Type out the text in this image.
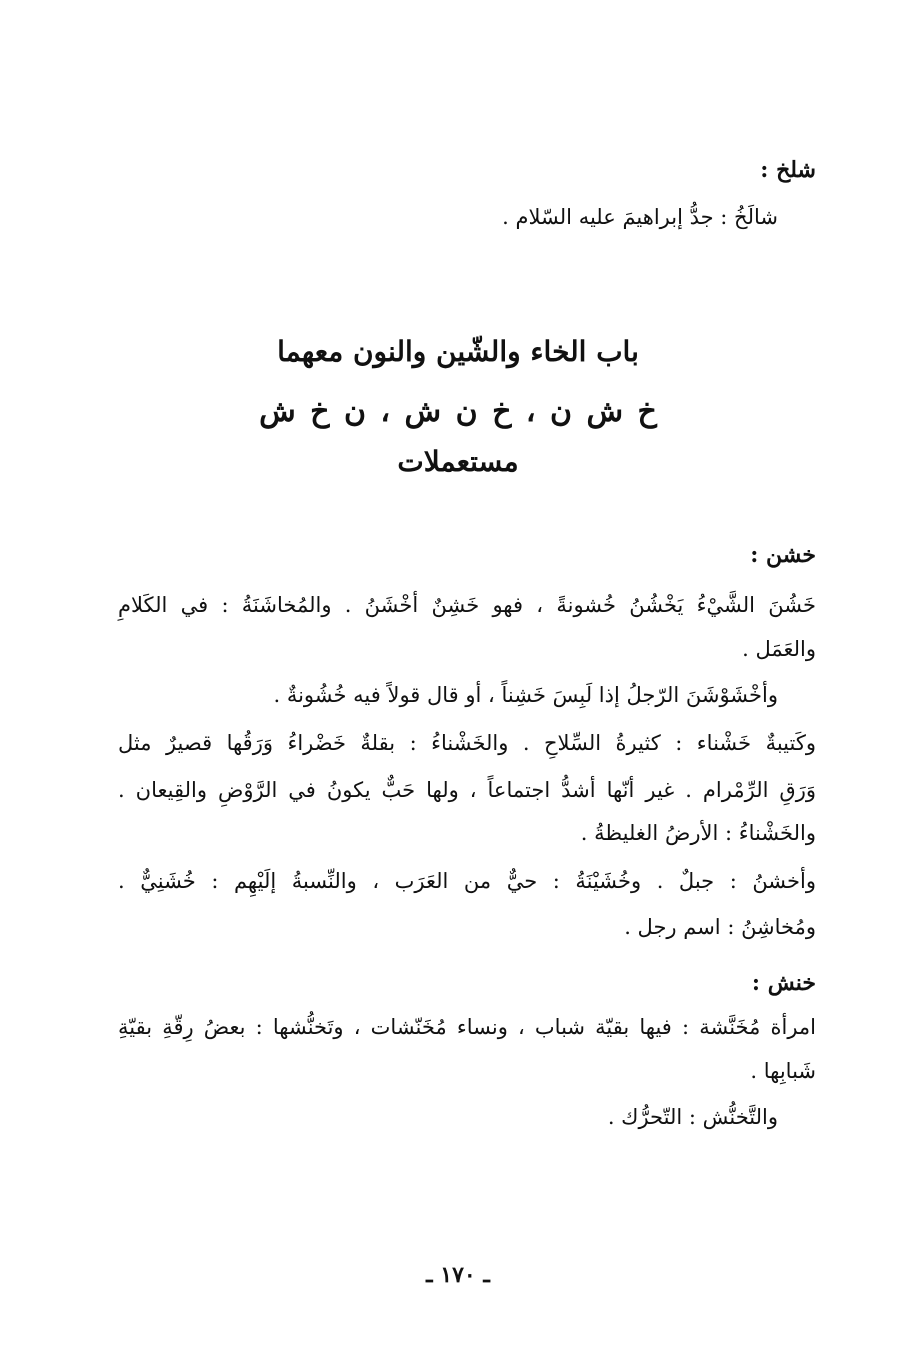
شلخ :
شالَخُ : جدُّ إبراهيمَ عليه السّلام .
باب الخاء والشّين والنون معهما
خ ش ن ، خ ن ش ، ن خ ش
مستعملات
خشن :
خَشُنَ الشَّيْءُ يَخْشُنُ خُشونةً ، فهو خَشِنٌ أخْشَنُ . والمُخاشَنَةُ : في الكَلامِ
والعَمَل .
وأخْشَوْشَنَ الرّجلُ إذا لَبِسَ خَشِناً ، أو قال قولاً فيه خُشُونةٌ .
وكَتيبةٌ خَشْناء : كثيرةُ السِّلاحِ . والخَشْناءُ : بقلةٌ خَضْراءُ وَرَقُها قصيرٌ مثل
وَرَقِ الرِّمْرام . غير أنّها أشدُّ اجتماعاً ، ولها حَبٌّ يكونُ في الرَّوْضِ والقِيعان .
والخَشْناءُ : الأرضُ الغليظةُ .
وأخشنُ : جبلٌ . وخُشَيْنَةُ : حيٌّ من العَرَب ، والنِّسبةُ إلَيْهِم : خُشَنِيٌّ .
ومُخاشِنُ : اسم رجل .
خنش :
امرأة مُخَنَّشة : فيها بقيّة شباب ، ونساء مُخَنّشات ، وتَخنُّشها : بعضُ رِقّةِ بقيّةِ
شَبابِها .
والتَّخنُّش : التّحرُّك .
ـ ١٧٠ ـ
